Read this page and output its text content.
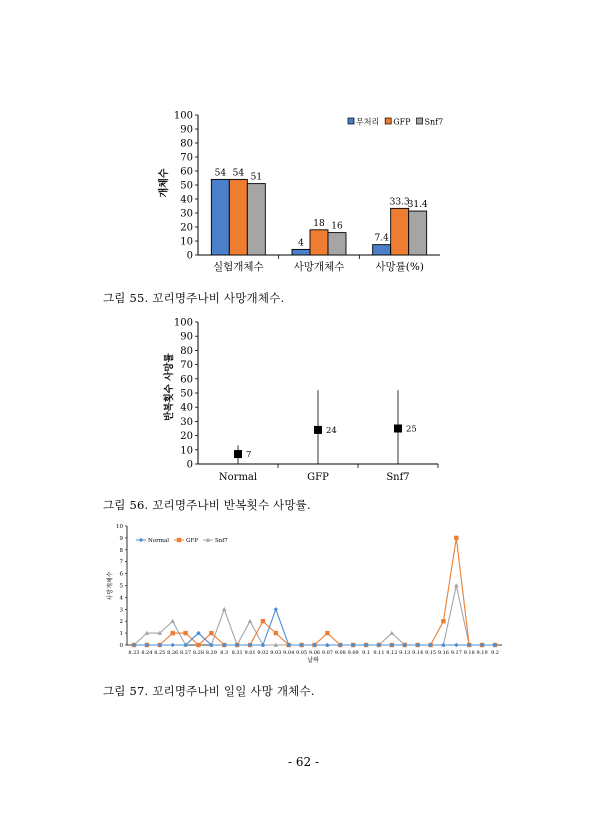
0
10
20
30
40
50
60
70
80
90
100
실험개체수	사망개체수	사망률(%)
54 54 51
4
18 16
7.4
33.3
31.4
무처리 GFP Snf7
개체수
그림 55. 꼬리명주나비 사망개체수.
0
10
20
30
40
50
60
70
80
90
100
Normal	GFP	Snf7
7
24	25
반복횟수 사망률
그림 56. 꼬리명주나비 반복횟수 사망률.
0
1
2
3
4
5
6
7
8
9
10
8.23 8.24 8.25 8.26 8.27 8.28 8.29 8.3 8.31 9.01 9.02 9.03 9.04 9.05 9.06 9.07 9.08 9.09 9.1 9.11 9.12 9.13 9.14 9.15 9.16 9.17 9.18 9.19 9.2
Normal	GFP	Snf7
날짜
사망개체수
그림 57. 꼬리명주나비 일일 사망 개체수.
- 62 -
